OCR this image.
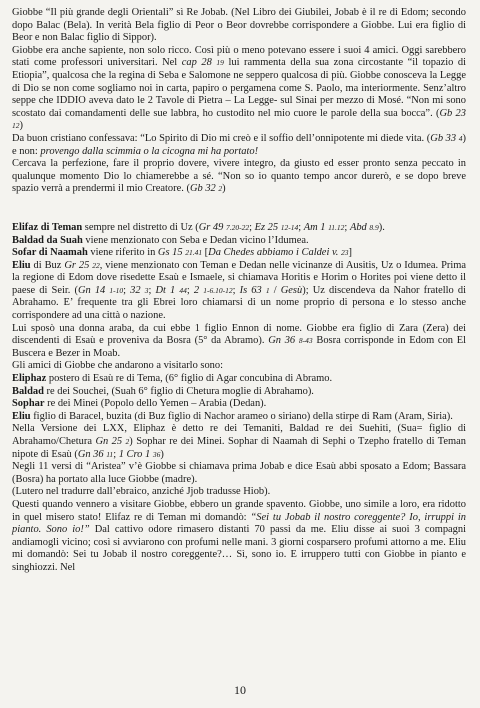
Giobbe “Il più grande degli Orientali” sì Re Jobab. (Nel Libro dei Giubilei, Jobab è il re di Edom; secondo dopo Balac (Bela). In verità Bela figlio di Peor o Beor dovrebbe corrispondere a Giobbe. Lui era figlio di Beor e non Balac figlio di Sippor).

Giobbe era anche sapiente, non solo ricco. Così più o meno potevano essere i suoi 4 amici. Oggi sarebbero stati come professori universitari. Nel cap 28 19 lui rammenta della sua zona circostante “il topazio di Etiopia”, qualcosa che la regina di Seba e Salomone ne seppero qualcosa di più. Giobbe conosceva la Legge di Dio se non come sogliamo noi in carta, papiro o pergamena come S. Paolo, ma interiormente. Senz’altro seppe che IDDIO aveva dato le 2 Tavole di Pietra – La Legge- sul Sinai per mezzo di Mosé. “Non mi sono scostato dai comandamenti delle sue labbra, ho custodito nel mio cuore le parole della sua bocca”. (Gb 23 12)

Da buon cristiano confessava: “Lo Spirito di Dio mi creò e il soffio dell’onnipotente mi diede vita. (Gb 33 4) e non: provengo dalla scimmia o la cicogna mi ha portato!

Cercava la perfezione, fare il proprio dovere, vivere integro, da giusto ed esser pronto senza peccato in qualunque momento Dio lo chiamerebbe a sé. “Non so io quanto tempo ancor durerò, e se dopo breve spazio verrà a prendermi il mio Creatore. (Gb 32 2)

Elifaz di Teman sempre nel distretto di Uz (Gr 49 7.20-22; Ez 25 12-14; Am 1 11.12; Abd 8.9).

Baldad da Suah viene menzionato con Seba e Dedan vicino l’Idumea.

Sofar di Naamah viene riferito in Gs 15 21.41 [Da Chedes abbiamo i Caldei v. 23]

Eliu di Buz Gr 25 22, viene menzionato con Teman e Dedan nelle vicinanze di Ausitis, Uz o Idumea. Prima la regione di Edom dove risedette Esaù e Ismaele, si chiamava Horitis e Horim o Horites poi viene detto il paese di Seir. (Gn 14 1-10; 32 3; Dt 1 44; 2 1-6.10-12; Is 63 1 / Gesù); Uz discendeva da Nahor fratello di Abrahamo. E’ frequente tra gli Ebrei loro chiamarsi di un nome proprio di persona e lo stesso anche corrispondere ad una città o nazione.

Lui sposò una donna araba, da cui ebbe 1 figlio Ennon di nome. Giobbe era figlio di Zara (Zera) dei discendenti di Esaù e proveniva da Bosra (5° da Abramo). Gn 36 8-43 Bosra corrisponde in Edom con El Buscera e Bezer in Moab.

Gli amici di Giobbe che andarono a visitarlo sono:

Eliphaz postero di Esaù re di Tema, (6° figlio di Agar concubina di Abramo.

Baldad re dei Souchei, (Suah 6° figlio di Chetura moglie di Abrahamo).

Sophar re dei Minei (Popolo dello Yemen – Arabia (Dedan).

Eliu figlio di Baracel, buzita (di Buz figlio di Nachor arameo o siriano) della stirpe di Ram (Aram, Siria).

Nella Versione dei LXX, Eliphaz è detto re dei Temaniti, Baldad re dei Suehiti, (Sua= figlio di Abrahamo/Chetura Gn 25 2) Sophar re dei Minei. Sophar di Naamah di Sephi o Tzepho fratello di Teman nipote di Esaù (Gn 36 11; 1 Cro 1 36)

Negli 11 versi di “Aristea” v’è Giobbe si chiamava prima Jobab e dice Esaù abbi sposato a Edom; Bassara (Bosra) ha portato alla luce Giobbe (madre).

(Lutero nel tradurre dall’ebraico, anziché Jjob tradusse Hiob).

Questi quando vennero a visitare Giobbe, ebbero un grande spavento. Giobbe, uno simile a loro, era ridotto in quel misero stato! Elifaz re di Teman mi domandò: “Sei tu Jobab il nostro coreggente? Io, irruppi in pianto. Sono io!” Dal cattivo odore rimasero distanti 70 passi da me. Eliu disse ai suoi 3 compagni andiamogli vicino; così si avviarono con profumi nelle mani. 3 giorni cosparsero profumi attorno a me. Eliu mi domandò: Sei tu Jobab il nostro coreggente?… Sì, sono io. E irruppero tutti con Giobbe in pianto e singhiozzi. Nel

10
